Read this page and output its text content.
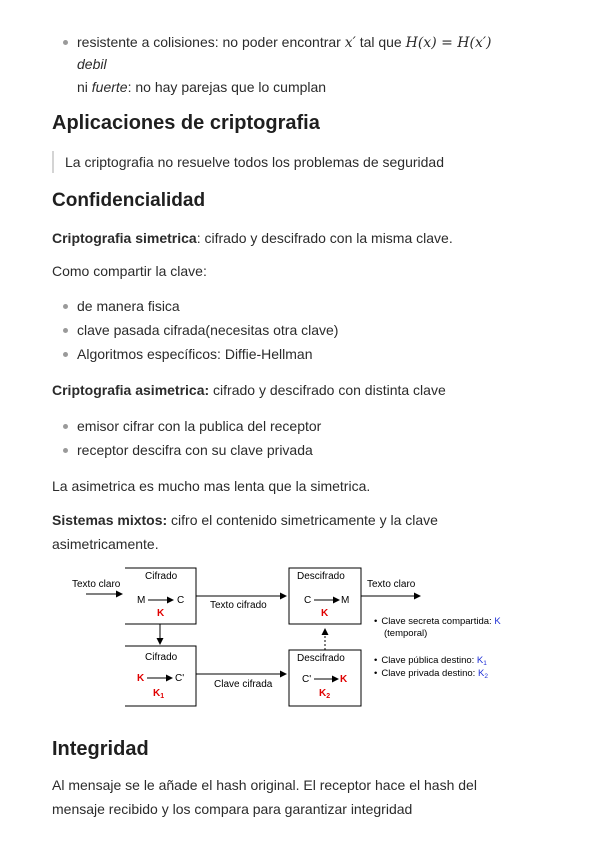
resistente a colisiones: no poder encontrar x′ tal que H(x) = H(x′)
debil
ni fuerte: no hay parejas que lo cumplan
Aplicaciones de criptografia
La criptografia no resuelve todos los problemas de seguridad
Confidencialidad

Criptografia simetrica: cifrado y descifrado con la misma clave.

Como compartir la clave:

de manera fisica
clave pasada cifrada(necesitas otra clave)
Algoritmos específicos: Diffie-Hellman

Criptografia asimetrica: cifrado y descifrado con distinta clave

emisor cifrar con la publica del receptor
receptor descifra con su clave privada

La asimetrica es mucho mas lenta que la simetrica.

Sistemas mixtos: cifro el contenido simetricamente y la clave asimetricamente.

Integridad

Al mensaje se le añade el hash original. El receptor hace el hash del mensaje recibido y los compara para garantizar integridad

Texto claro
Cifrado
M	C
K
Texto cifrado
Descifrado
C	M
K
Texto claro
Cifrado
K	C'
$K_1$
Clave cifrada
Descifrado
C'	K
$K_2$
• Clave secreta compartida: K
(temporal)
• Clave pública destino: $K_1$
• Clave privada destino: $K_2$
